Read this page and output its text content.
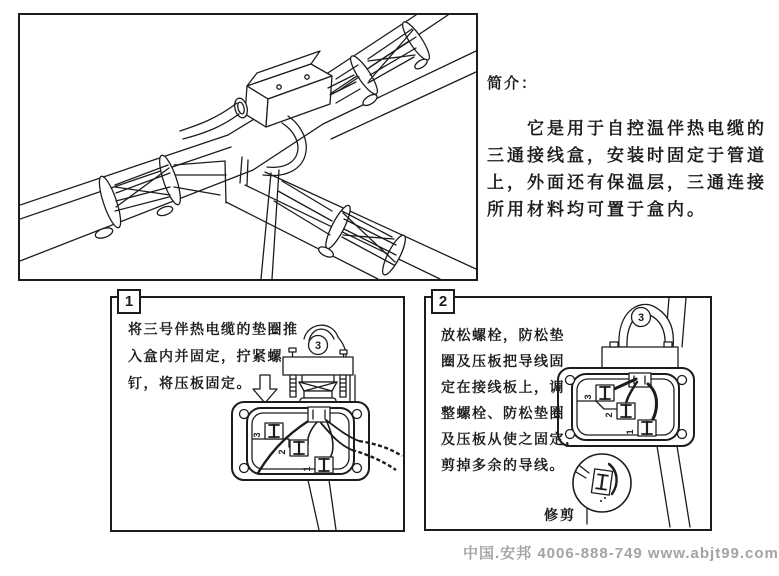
简介：
它是用于自控温伴热电缆的
三通接线盒，安装时固定于管道
上，外面还有保温层，三通连接
所用材料均可置于盒内。
3
3
2
1
1
将三号伴热电缆的垫圈推
入盒内并固定，拧紧螺
钉，将压板固定。
3
3
2
1
修剪
2
放松螺栓，防松垫
圈及压板把导线固
定在接线板上，调
整螺栓、防松垫圈
及压板从使之固定，
剪掉多余的导线。
中国.安邦 4006-888-749 www.abjt99.com
